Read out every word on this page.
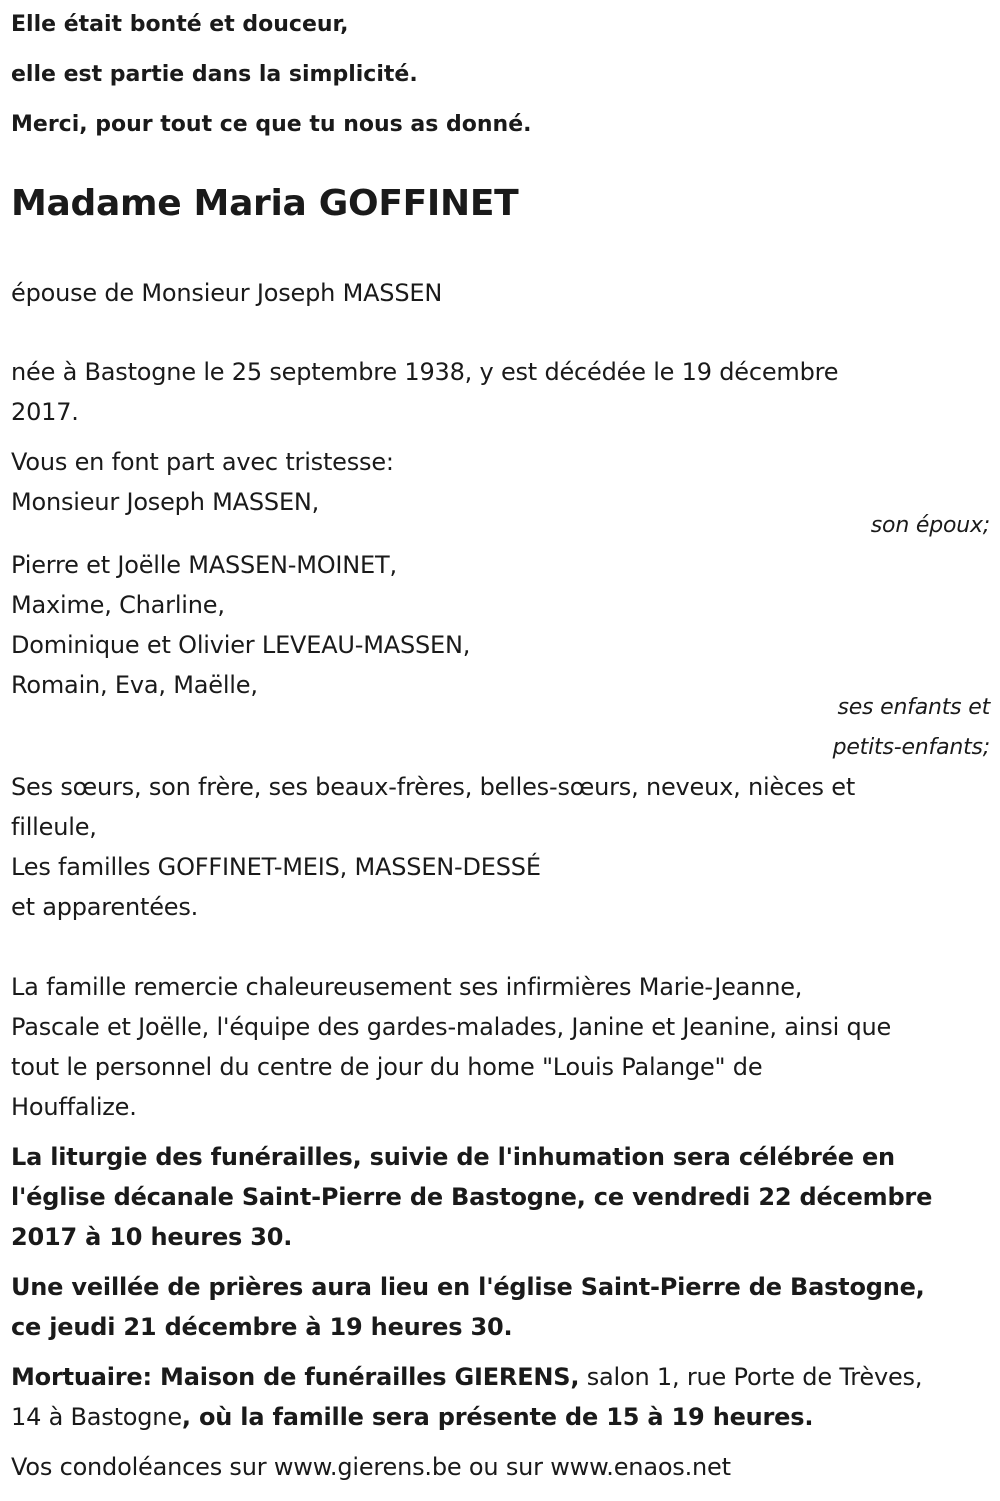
Elle était bonté et douceur,
elle est partie dans la simplicité.
Merci, pour tout ce que tu nous as donné.
Madame Maria GOFFINET
épouse de Monsieur Joseph MASSEN
née à Bastogne le 25 septembre 1938, y est décédée le 19 décembre
2017.
Vous en font part avec tristesse:
Monsieur Joseph MASSEN,
son époux;
Pierre et Joëlle MASSEN-MOINET,
Maxime, Charline,
Dominique et Olivier LEVEAU-MASSEN,
Romain, Eva, Maëlle,
ses enfants et
petits-enfants;
Ses sœurs, son frère, ses beaux-frères, belles-sœurs, neveux, nièces et
filleule,
Les familles GOFFINET-MEIS, MASSEN-DESSÉ
et apparentées.
La famille remercie chaleureusement ses infirmières Marie-Jeanne,
Pascale et Joëlle, l'équipe des gardes-malades, Janine et Jeanine, ainsi que
tout le personnel du centre de jour du home "Louis Palange" de
Houffalize.
La liturgie des funérailles, suivie de l'inhumation sera célébrée en
l'église décanale Saint-Pierre de Bastogne, ce vendredi 22 décembre
2017 à 10 heures 30.
Une veillée de prières aura lieu en l'église Saint-Pierre de Bastogne,
ce jeudi 21 décembre à 19 heures 30.
Mortuaire: Maison de funérailles GIERENS, salon 1, rue Porte de Trèves,
14 à Bastogne, où la famille sera présente de 15 à 19 heures.
Vos condoléances sur www.gierens.be ou sur www.enaos.net
